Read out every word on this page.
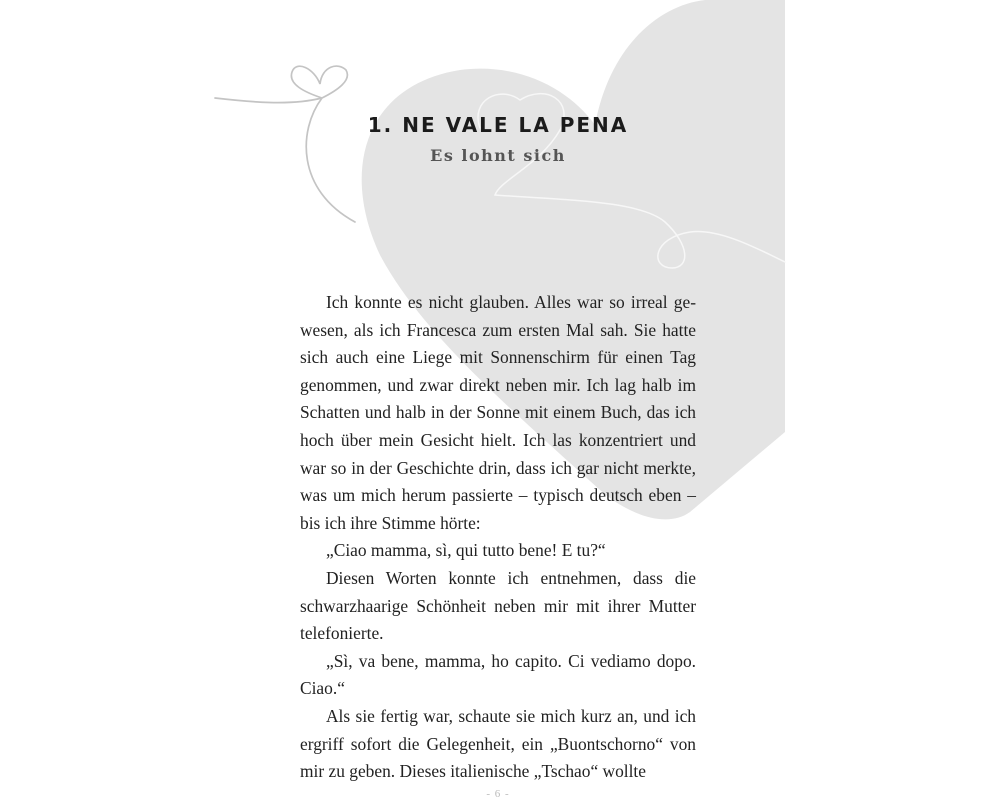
1. NE VALE LA PENA
Es lohnt sich

Ich konnte es nicht glauben. Alles war so irreal gewesen, als ich Francesca zum ersten Mal sah. Sie hatte sich auch eine Liege mit Sonnenschirm für einen Tag genommen, und zwar direkt neben mir. Ich lag halb im Schatten und halb in der Sonne mit einem Buch, das ich hoch über mein Gesicht hielt. Ich las konzentriert und war so in der Geschichte drin, dass ich gar nicht merkte, was um mich herum passierte – typisch deutsch eben – bis ich ihre Stimme hörte:

„Ciao mamma, sì, qui tutto bene! E tu?“

Diesen Worten konnte ich entnehmen, dass die schwarzhaarige Schönheit neben mir mit ihrer Mutter telefonierte.

„Sì, va bene, mamma, ho capito. Ci vediamo dopo. Ciao.“

Als sie fertig war, schaute sie mich kurz an, und ich ergriff sofort die Gelegenheit, ein „Buontschorno“ von mir zu geben. Dieses italienische „Tschao“ wollte

- 6 -
